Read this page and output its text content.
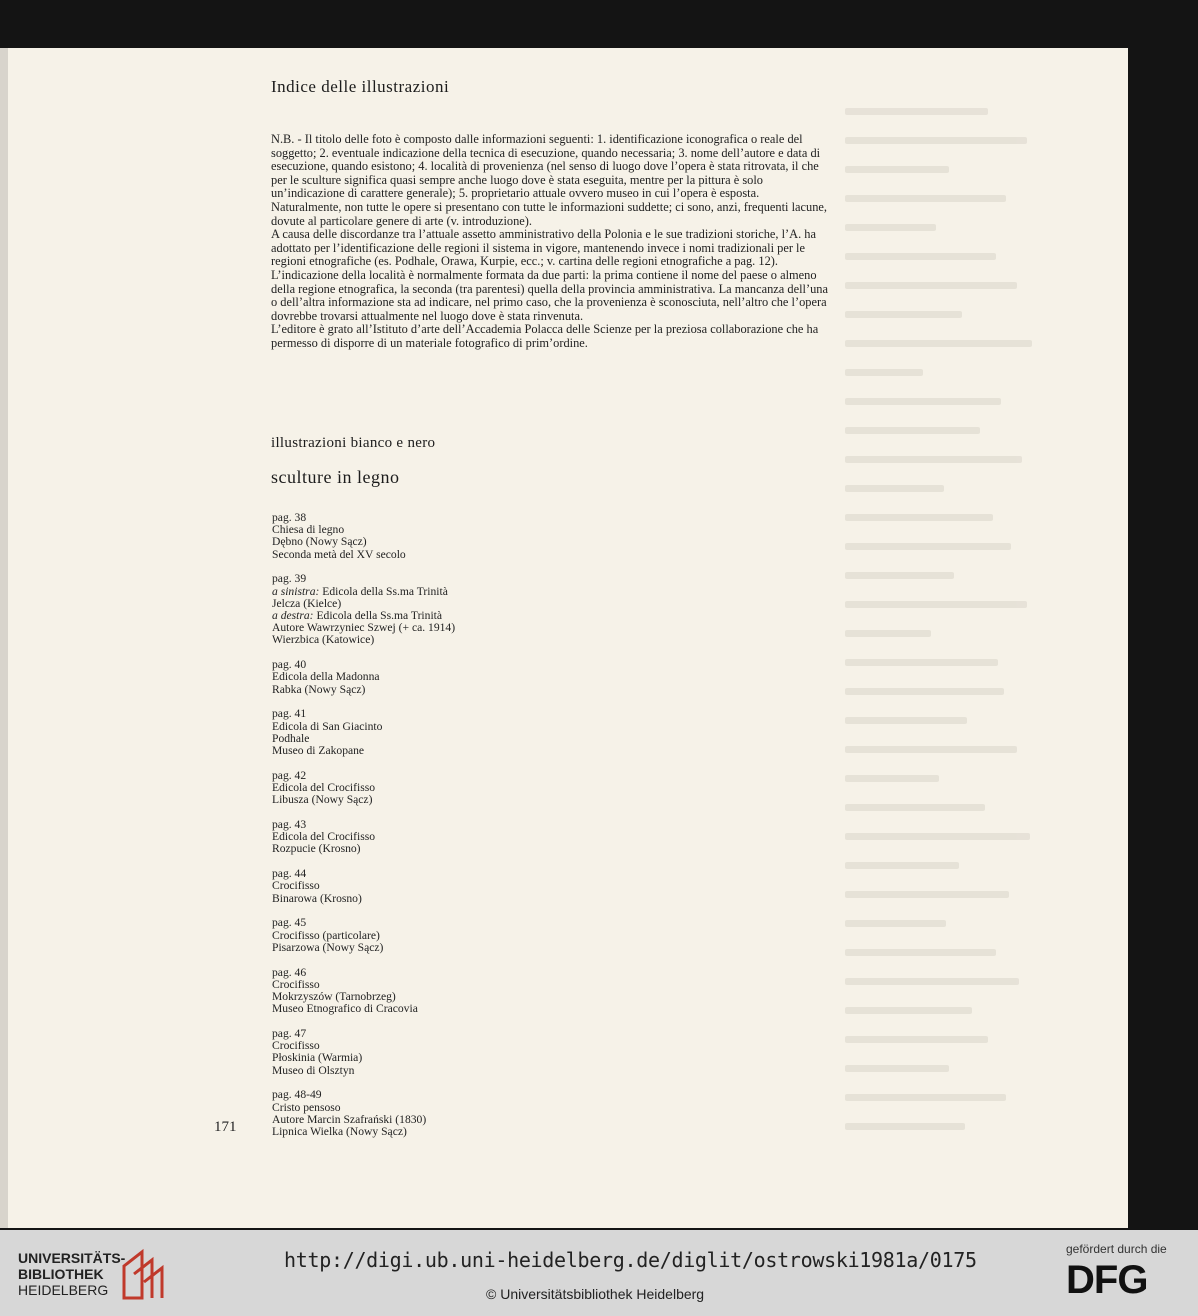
Indice delle illustrazioni

N.B. - Il titolo delle foto è composto dalle informazioni seguenti: 1. identificazione iconografica o reale del soggetto; 2. eventuale indicazione della tecnica di esecuzione, quando necessaria; 3. nome dell’autore e data di esecuzione, quando esistono; 4. località di provenienza (nel senso di luogo dove l’opera è stata ritrovata, il che per le sculture significa quasi sempre anche luogo dove è stata eseguita, mentre per la pittura è solo un’indicazione di carattere generale); 5. proprietario attuale ovvero museo in cui l’opera è esposta.

Naturalmente, non tutte le opere si presentano con tutte le informazioni suddette; ci sono, anzi, frequenti lacune, dovute al particolare genere di arte (v. introduzione).

A causa delle discordanze tra l’attuale assetto amministrativo della Polonia e le sue tradizioni storiche, l’A. ha adottato per l’identificazione delle regioni il sistema in vigore, mantenendo invece i nomi tradizionali per le regioni etnografiche (es. Podhale, Orawa, Kurpie, ecc.; v. cartina delle regioni etnografiche a pag. 12). L’indicazione della località è normalmente formata da due parti: la prima contiene il nome del paese o almeno della regione etnografica, la seconda (tra parentesi) quella della provincia amministrativa. La mancanza dell’una o dell’altra informazione sta ad indicare, nel primo caso, che la provenienza è sconosciuta, nell’altro che l’opera dovrebbe trovarsi attualmente nel luogo dove è stata rinvenuta.

L’editore è grato all’Istituto d’arte dell’Accademia Polacca delle Scienze per la preziosa collaborazione che ha permesso di disporre di un materiale fotografico di prim’ordine.

illustrazioni bianco e nero
sculture in legno
pag. 38
Chiesa di legno
Dębno (Nowy Sącz)
Seconda metà del XV secolo
pag. 39
a sinistra: Edicola della Ss.ma Trinità
Jelcza (Kielce)
a destra: Edicola della Ss.ma Trinità
Autore Wawrzyniec Szwej (+ ca. 1914)
Wierzbica (Katowice)
pag. 40
Edicola della Madonna
Rabka (Nowy Sącz)
pag. 41
Edicola di San Giacinto
Podhale
Museo di Zakopane
pag. 42
Edicola del Crocifisso
Libusza (Nowy Sącz)
pag. 43
Edicola del Crocifisso
Rozpucie (Krosno)
pag. 44
Crocifisso
Binarowa (Krosno)
pag. 45
Crocifisso (particolare)
Pisarzowa (Nowy Sącz)
pag. 46
Crocifisso
Mokrzyszów (Tarnobrzeg)
Museo Etnografico di Cracovia
pag. 47
Crocifisso
Płoskinia (Warmia)
Museo di Olsztyn
pag. 48-49
Cristo pensoso
Autore Marcin Szafrański (1830)
Lipnica Wielka (Nowy Sącz)
171
UNIVERSITÄTS-
BIBLIOTHEK
HEIDELBERG
http://digi.ub.uni-heidelberg.de/diglit/ostrowski1981a/0175
© Universitätsbibliothek Heidelberg
gefördert durch die
DFG
